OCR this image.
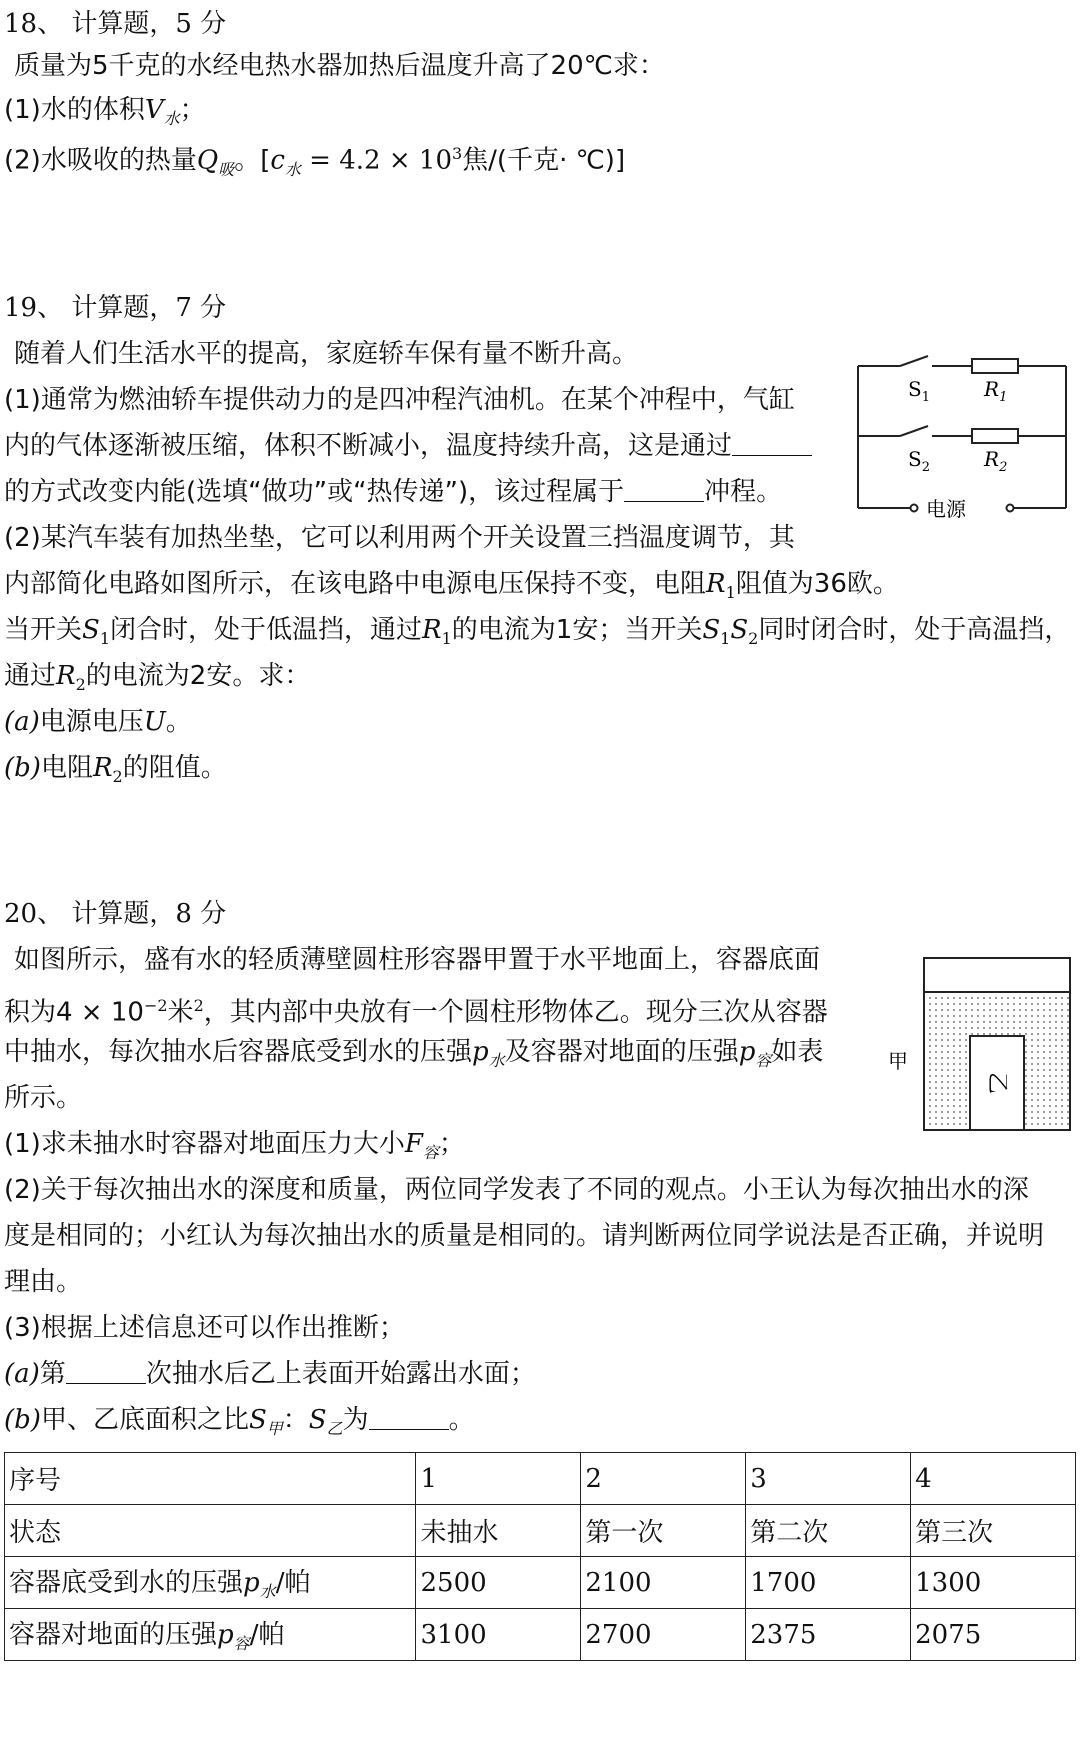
18、 计算题，5 分
质量为5千克的水经电热水器加热后温度升高了20℃求：
(1)水的体积$V_水$；
(2)水吸收的热量$Q_吸$。[$c_水 = 4.2 \times 10^3$焦/(千克· ℃)]
19、 计算题，7 分
随着人们生活水平的提高，家庭轿车保有量不断升高。
(1)通常为燃油轿车提供动力的是四冲程汽油机。在某个冲程中，气缸
内的气体逐渐被压缩，体积不断减小，温度持续升高，这是通过
的方式改变内能(选填“做功”或“热传递”)，该过程属于	冲程。
(2)某汽车装有加热坐垫，它可以利用两个开关设置三挡温度调节，其
内部简化电路如图所示，在该电路中电源电压保持不变，电阻$R_1$阻值为36欧。
当开关$S_1$闭合时，处于低温挡，通过$R_1$的电流为1安；当开关$S_1S_2$同时闭合时，处于高温挡，
通过$R_2$的电流为2安。求：
(a)电源电压U。
(b)电阻$R_2$的阻值。
$S_1$	$R_1$
$S_2$	$R_2$
电源
20、 计算题，8 分
如图所示，盛有水的轻质薄壁圆柱形容器甲置于水平地面上，容器底面
积为$4 \times 10^{-2}$米$^2$，其内部中央放有一个圆柱形物体乙。现分三次从容器
中抽水，每次抽水后容器底受到水的压强$p_水$及容器对地面的压强$p_容$如表
所示。
(1)求未抽水时容器对地面压力大小$F_容$；
(2)关于每次抽出水的深度和质量，两位同学发表了不同的观点。小王认为每次抽出水的深
度是相同的；小红认为每次抽出水的质量是相同的。请判断两位同学说法是否正确，并说明
理由。
(3)根据上述信息还可以作出推断；
(a)第	次抽水后乙上表面开始露出水面；
(b)甲、乙底面积之比$S_甲$：$S_乙$为	。
甲
乙
序号	1	2	3	4
状态	未抽水	第一次	第二次	第三次
容器底受到水的压强$p_水/$帕	2500	2100	1700	1300
容器对地面的压强$p_容/$帕	3100	2700	2375	2075
